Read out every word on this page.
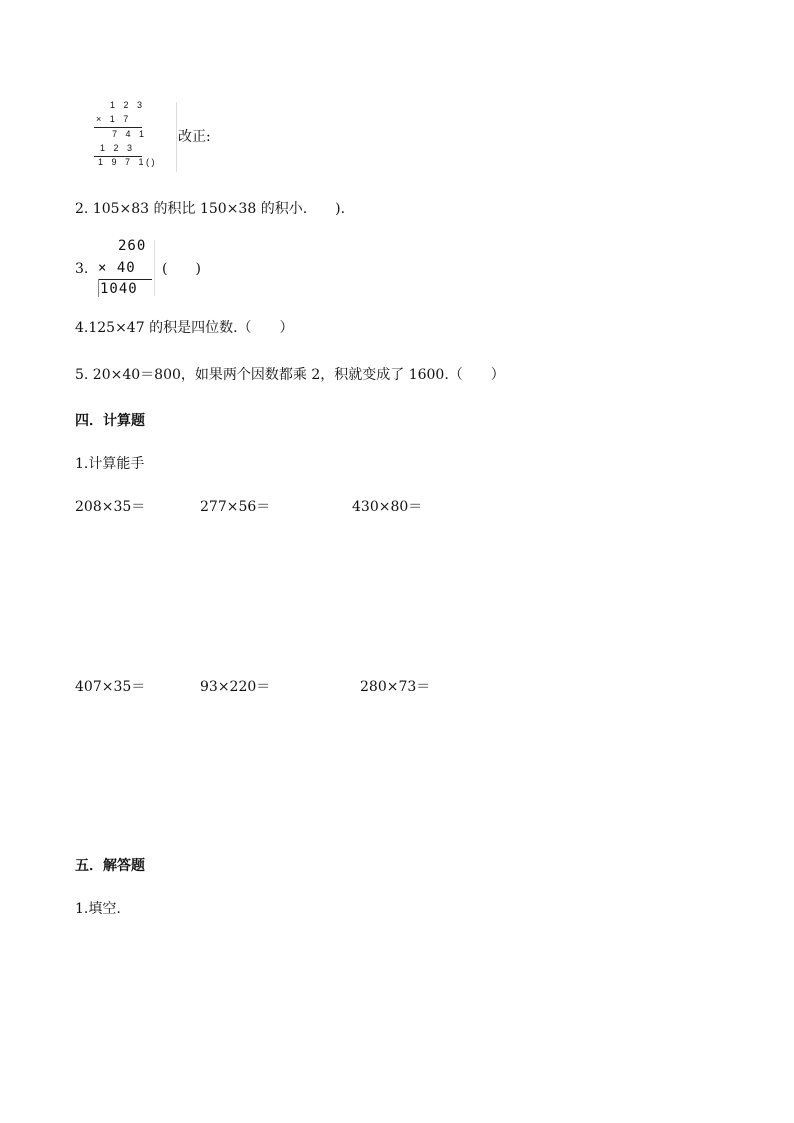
1 2 3
× 1 7
7 4 1
1 2 3
1 9 7 1 ( )
改正:
2. 105×83 的积比 150×38 的积小.　　).
3.
260
× 40
1040
(　　)
4.125×47 的积是四位数.（　　）
5. 20×40＝800，如果两个因数都乘 2，积就变成了 1600.（　　）
四．计算题
1.计算能手
208×35＝	277×56＝	430×80＝
407×35＝	93×220＝	280×73＝
五．解答题
1.填空.
